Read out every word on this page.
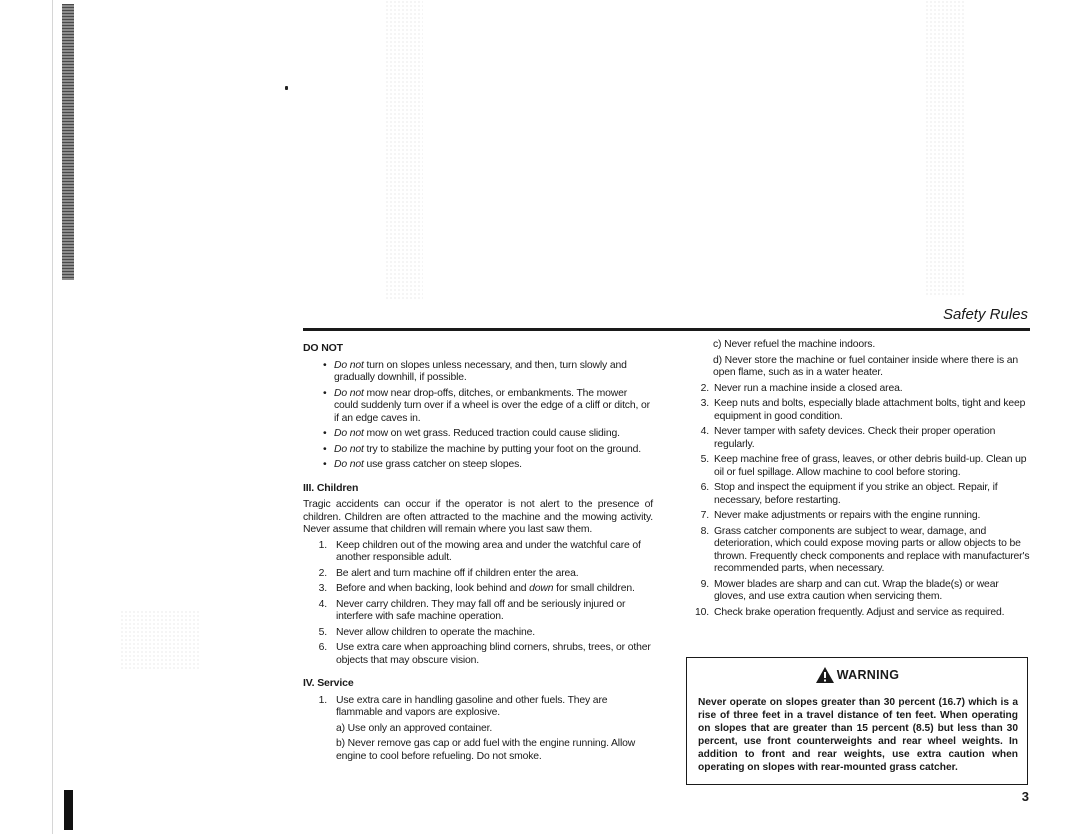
Safety Rules
DO NOT
• Do not turn on slopes unless necessary, and then, turn slowly and gradually downhill, if possible.
• Do not mow near drop-offs, ditches, or embankments. The mower could suddenly turn over if a wheel is over the edge of a cliff or ditch, or if an edge caves in.
• Do not mow on wet grass. Reduced traction could cause sliding.
• Do not try to stabilize the machine by putting your foot on the ground.
• Do not use grass catcher on steep slopes.
III. Children

Tragic accidents can occur if the operator is not alert to the presence of children. Children are often attracted to the machine and the mowing activity. Never assume that children will remain where you last saw them.

1. Keep children out of the mowing area and under the watchful care of another responsible adult.
2. Be alert and turn machine off if children enter the area.
3. Before and when backing, look behind and down for small children.
4. Never carry children. They may fall off and be seriously injured or interfere with safe machine operation.
5. Never allow children to operate the machine.
6. Use extra care when approaching blind corners, shrubs, trees, or other objects that may obscure vision.
IV. Service
1. Use extra care in handling gasoline and other fuels. They are flammable and vapors are explosive.
a) Use only an approved container.
b) Never remove gas cap or add fuel with the engine running. Allow engine to cool before refueling. Do not smoke.
c) Never refuel the machine indoors.
d) Never store the machine or fuel container inside where there is an open flame, such as in a water heater.
2. Never run a machine inside a closed area.
3. Keep nuts and bolts, especially blade attachment bolts, tight and keep equipment in good condition.
4. Never tamper with safety devices. Check their proper operation regularly.
5. Keep machine free of grass, leaves, or other debris build-up. Clean up oil or fuel spillage. Allow machine to cool before storing.
6. Stop and inspect the equipment if you strike an object. Repair, if necessary, before restarting.
7. Never make adjustments or repairs with the engine running.
8. Grass catcher components are subject to wear, damage, and deterioration, which could expose moving parts or allow objects to be thrown. Frequently check components and replace with manufacturer's recommended parts, when necessary.
9. Mower blades are sharp and can cut. Wrap the blade(s) or wear gloves, and use extra caution when servicing them.
10. Check brake operation frequently. Adjust and service as required.
WARNING
Never operate on slopes greater than 30 percent (16.7) which is a rise of three feet in a travel distance of ten feet. When operating on slopes that are greater than 15 percent (8.5) but less than 30 percent, use front counterweights and rear wheel weights. In addition to front and rear weights, use extra caution when operating on slopes with rear-mounted grass catcher.
3
